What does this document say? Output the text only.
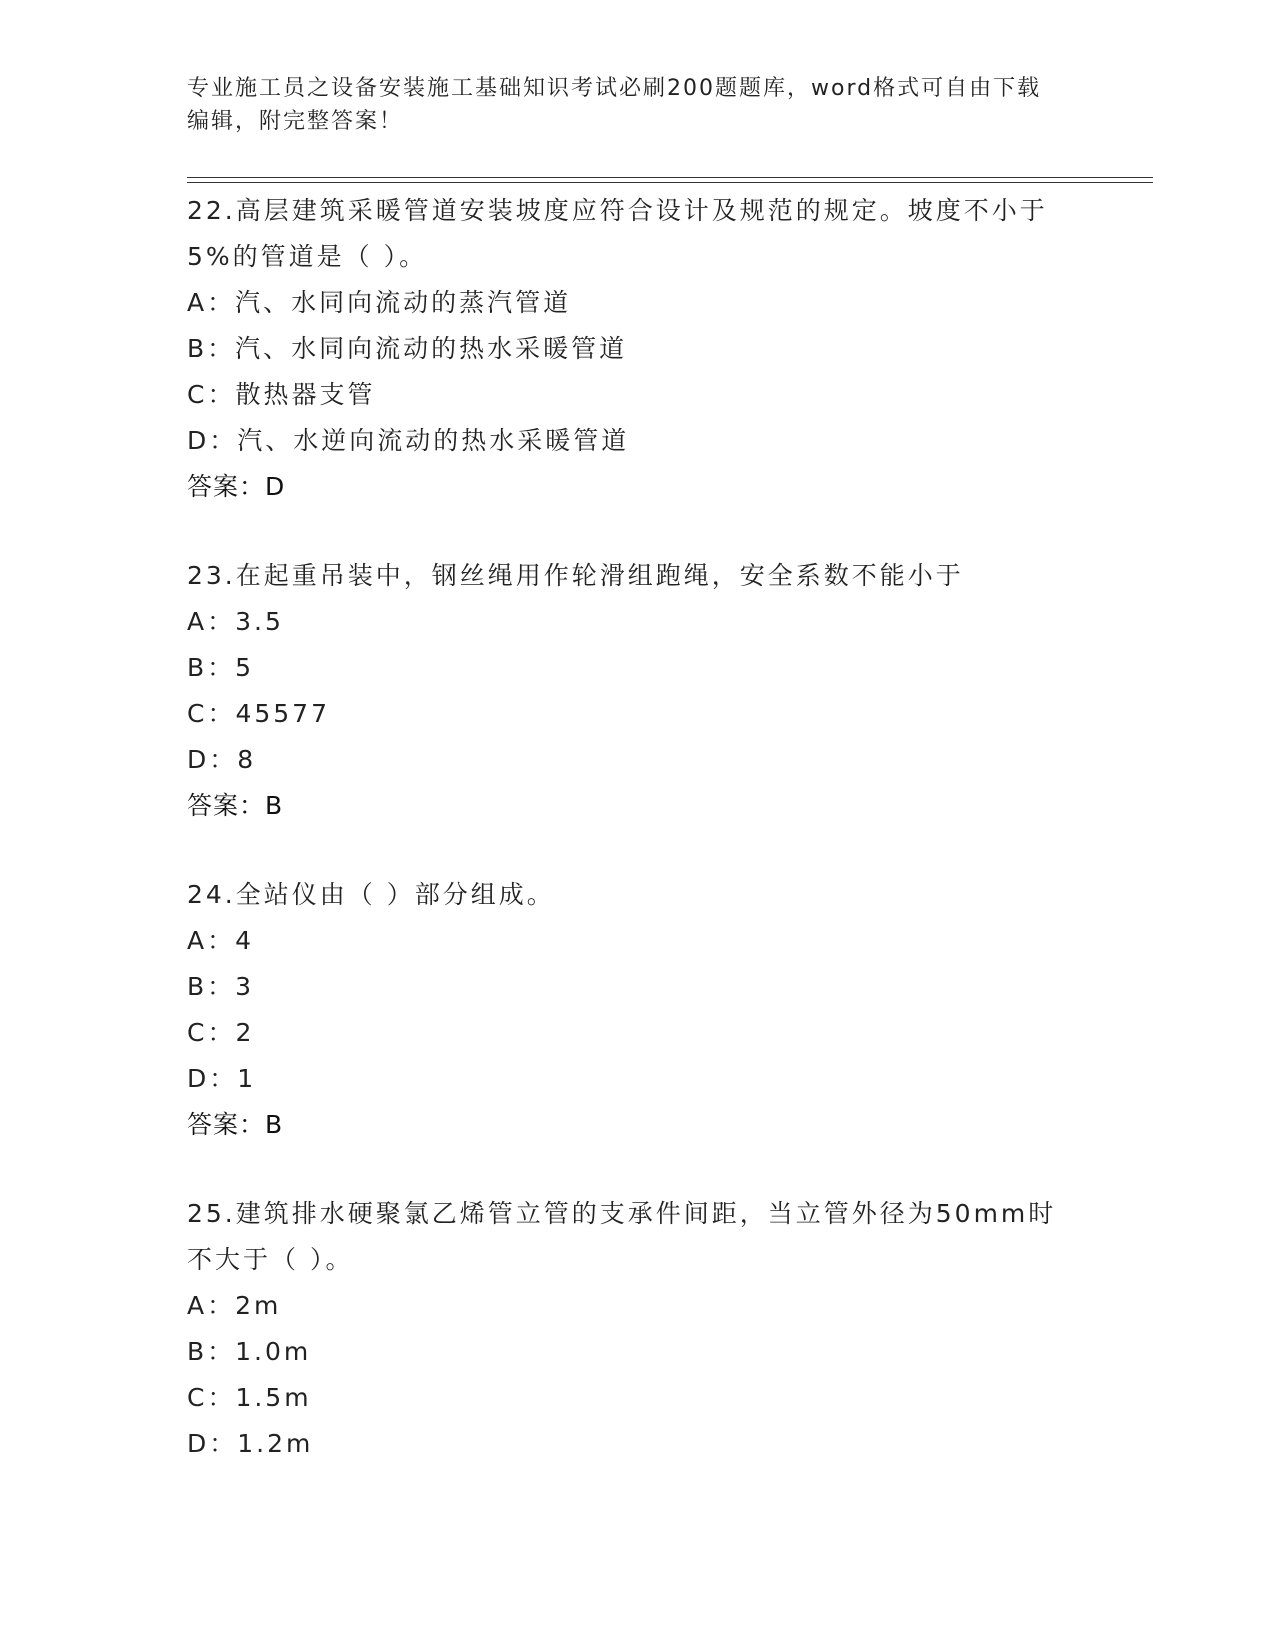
专业施工员之设备安装施工基础知识考试必刷200题题库，word格式可自由下载
编辑，附完整答案！
22.高层建筑采暖管道安装坡度应符合设计及规范的规定。坡度不小于
5%的管道是（ ）。
A：汽、水同向流动的蒸汽管道
B：汽、水同向流动的热水采暖管道
C：散热器支管
D：汽、水逆向流动的热水采暖管道
答案：D
23.在起重吊装中，钢丝绳用作轮滑组跑绳，安全系数不能小于
A：3.5
B：5
C：45577
D：8
答案：B
24.全站仪由（ ）部分组成。
A：4
B：3
C：2
D：1
答案：B
25.建筑排水硬聚氯乙烯管立管的支承件间距，当立管外径为50mm时
不大于（ ）。
A：2m
B：1.0m
C：1.5m
D：1.2m
